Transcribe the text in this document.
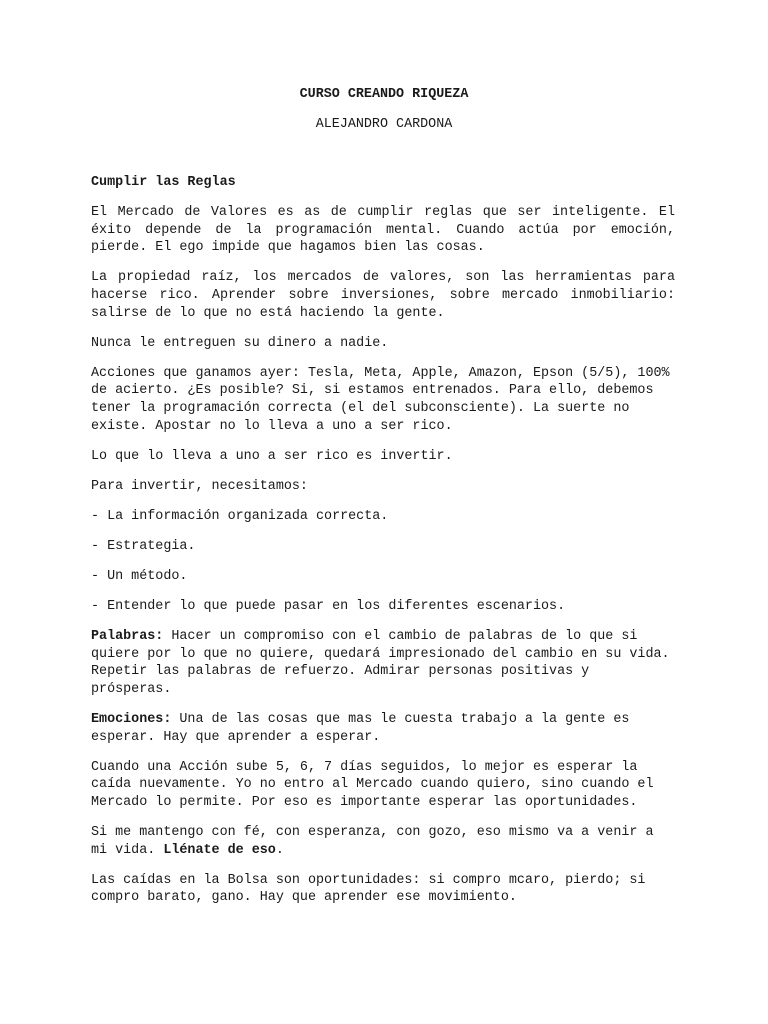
CURSO CREANDO RIQUEZA
ALEJANDRO CARDONA

Cumplir las Reglas

El Mercado de Valores es as de cumplir reglas que ser inteligente. El éxito depende de la programación mental. Cuando actúa por emoción, pierde. El ego impide que hagamos bien las cosas.

La propiedad raíz, los mercados de valores, son las herramientas para hacerse rico. Aprender sobre inversiones, sobre mercado inmobiliario: salirse de lo que no está haciendo la gente.

Nunca le entreguen su dinero a nadie.

Acciones que ganamos ayer: Tesla, Meta, Apple, Amazon, Epson (5/5), 100% de acierto. ¿Es posible? Si, si estamos entrenados. Para ello, debemos tener la programación correcta (el del subconsciente). La suerte no existe. Apostar no lo lleva a uno a ser rico.

Lo que lo lleva a uno a ser rico es invertir.

Para invertir, necesitamos:

- La información organizada correcta.

- Estrategia.

- Un método.

- Entender lo que puede pasar en los diferentes escenarios.

Palabras: Hacer un compromiso con el cambio de palabras de lo que si quiere por lo que no quiere, quedará impresionado del cambio en su vida. Repetir las palabras de refuerzo. Admirar personas positivas y prósperas.

Emociones: Una de las cosas que mas le cuesta trabajo a la gente es esperar. Hay que aprender a esperar.

Cuando una Acción sube 5, 6, 7 días seguidos, lo mejor es esperar la caída nuevamente. Yo no entro al Mercado cuando quiero, sino cuando el Mercado lo permite. Por eso es importante esperar las oportunidades.

Si me mantengo con fé, con esperanza, con gozo, eso mismo va a venir a mi vida. Llénate de eso.

Las caídas en la Bolsa son oportunidades: si compro mcaro, pierdo; si compro barato, gano. Hay que aprender ese movimiento.
